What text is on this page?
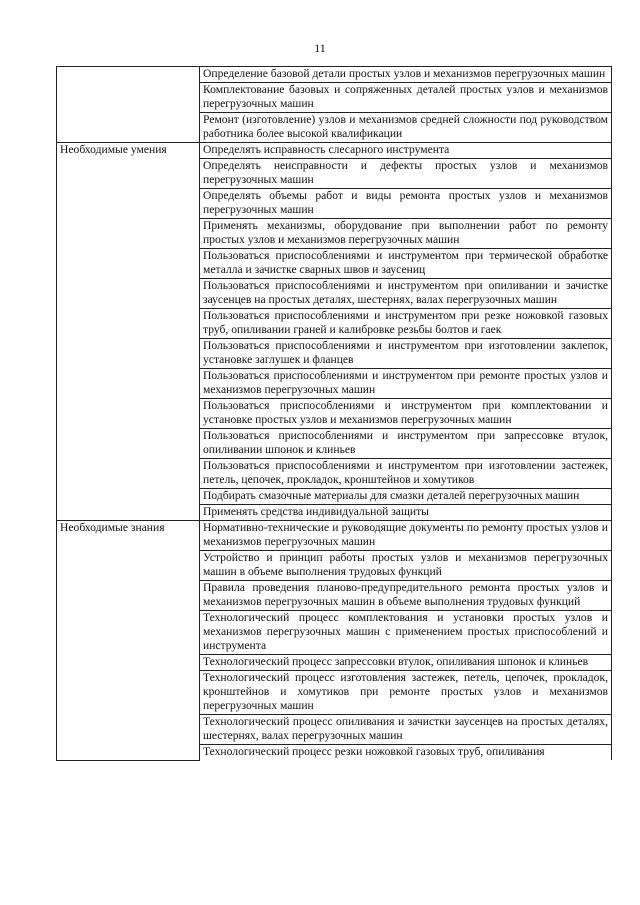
11
	Определение базовой детали простых узлов и механизмов перегрузочных машин
	Комплектование базовых и сопряженных деталей простых узлов и механизмов перегрузочных машин
	Ремонт (изготовление) узлов и механизмов средней сложности под руководством работника более высокой квалификации
Необходимые умения	Определять исправность слесарного инструмента
	Определять неисправности и дефекты простых узлов и механизмов перегрузочных машин
	Определять объемы работ и виды ремонта простых узлов и механизмов перегрузочных машин
	Применять механизмы, оборудование при выполнении работ по ремонту простых узлов и механизмов перегрузочных машин
	Пользоваться приспособлениями и инструментом при термической обработке металла и зачистке сварных швов и заусениц
	Пользоваться приспособлениями и инструментом при опиливании и зачистке заусенцев на простых деталях, шестернях, валах перегрузочных машин
	Пользоваться приспособлениями и инструментом при резке ножовкой газовых труб, опиливании граней и калибровке резьбы болтов и гаек
	Пользоваться приспособлениями и инструментом при изготовлении заклепок, установке заглушек и фланцев
	Пользоваться приспособлениями и инструментом при ремонте простых узлов и механизмов перегрузочных машин
	Пользоваться приспособлениями и инструментом при комплектовании и установке простых узлов и механизмов перегрузочных машин
	Пользоваться приспособлениями и инструментом при запрессовке втулок, опиливании шпонок и клиньев
	Пользоваться приспособлениями и инструментом при изготовлении застежек, петель, цепочек, прокладок, кронштейнов и хомутиков
	Подбирать смазочные материалы для смазки деталей перегрузочных машин
	Применять средства индивидуальной защиты
Необходимые знания	Нормативно-технические и руководящие документы по ремонту простых узлов и механизмов перегрузочных машин
	Устройство и принцип работы простых узлов и механизмов перегрузочных машин в объеме выполнения трудовых функций
	Правила проведения планово-предупредительного ремонта простых узлов и механизмов перегрузочных машин в объеме выполнения трудовых функций
	Технологический процесс комплектования и установки простых узлов и механизмов перегрузочных машин с применением простых приспособлений и инструмента
	Технологический процесс запрессовки втулок, опиливания шпонок и клиньев
	Технологический процесс изготовления застежек, петель, цепочек, прокладок, кронштейнов и хомутиков при ремонте простых узлов и механизмов перегрузочных машин
	Технологический процесс опиливания и зачистки заусенцев на простых деталях, шестернях, валах перегрузочных машин
	Технологический процесс резки ножовкой газовых труб, опиливания
